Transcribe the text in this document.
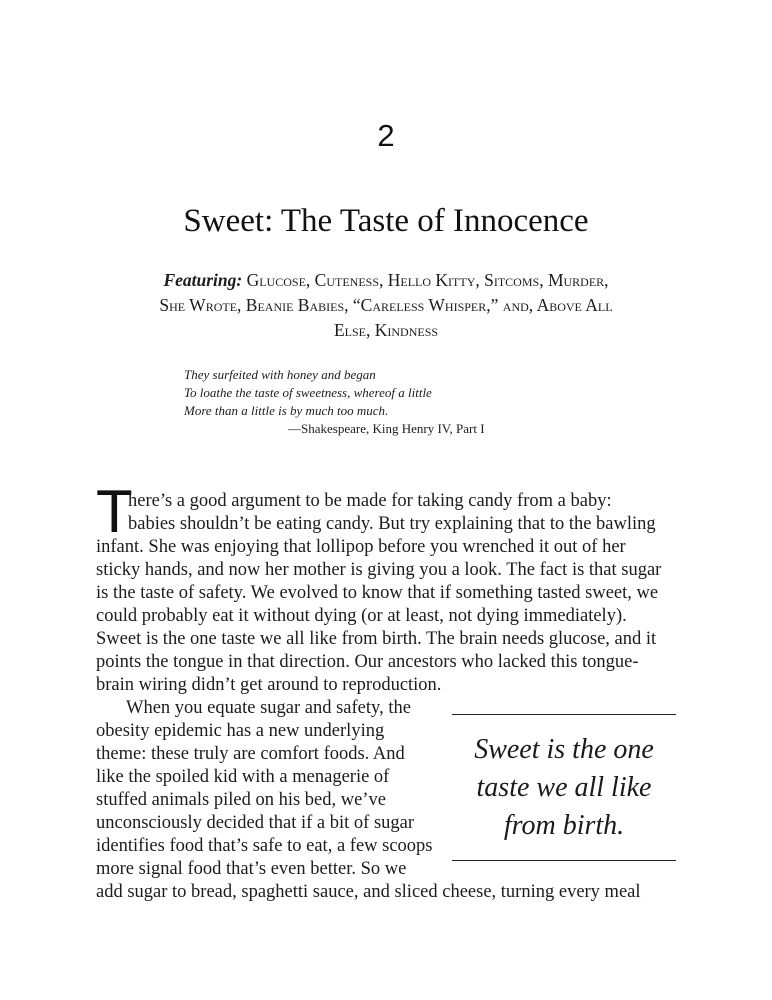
2
Sweet: The Taste of Innocence
Featuring: Glucose, Cuteness, Hello Kitty, Sitcoms, Murder,
She Wrote, Beanie Babies, “Careless Whisper,” and, Above All
Else, Kindness
They surfeited with honey and began
To loathe the taste of sweetness, whereof a little
More than a little is by much too much.
—Shakespeare, King Henry IV, Part I
T
here’s a good argument to be made for taking candy from a baby:
babies shouldn’t be eating candy. But try explaining that to the bawling
infant. She was enjoying that lollipop before you wrenched it out of her
sticky hands, and now her mother is giving you a look. The fact is that sugar
is the taste of safety. We evolved to know that if something tasted sweet, we
could probably eat it without dying (or at least, not dying immediately).
Sweet is the one taste we all like from birth. The brain needs glucose, and it
points the tongue in that direction. Our ancestors who lacked this tongue-
brain wiring didn’t get around to reproduction.
When you equate sugar and safety, the
obesity epidemic has a new underlying
theme: these truly are comfort foods. And
like the spoiled kid with a menagerie of
stuffed animals piled on his bed, we’ve
unconsciously decided that if a bit of sugar
identifies food that’s safe to eat, a few scoops
more signal food that’s even better. So we
add sugar to bread, spaghetti sauce, and sliced cheese, turning every meal
Sweet is the one
taste we all like
from birth.
